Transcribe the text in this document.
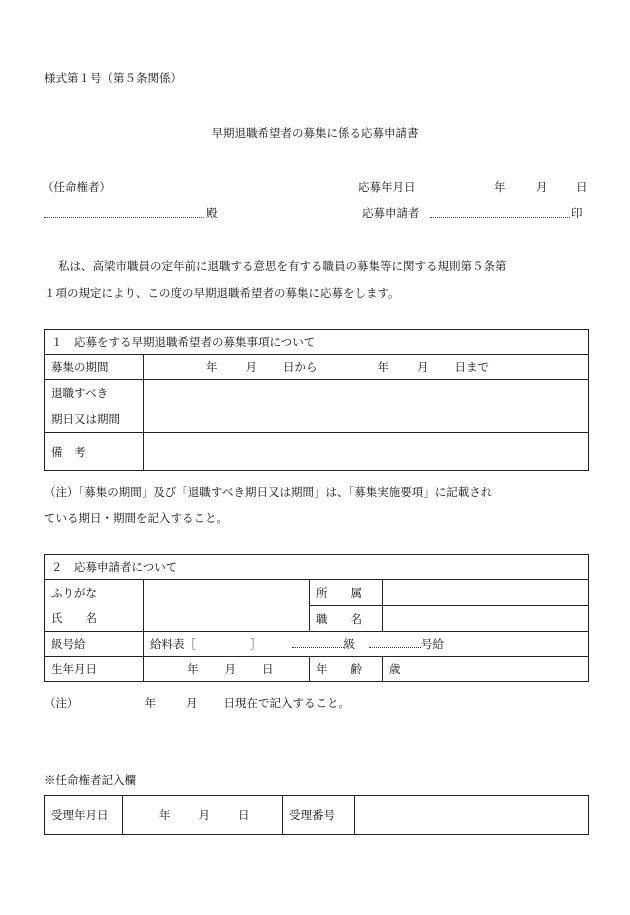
様式第１号（第５条関係）
早期退職希望者の募集に係る応募申請書
（任命権者）	応募年月日	年	月 日
殿	応募申請者	印
私は、高梁市職員の定年前に退職する意思を有する職員の募集等に関する規則第５条第
１項の規定により、この度の早期退職希望者の募集に応募をします。
１　応募をする早期退職希望者の募集事項について	
募集の期間	年 月 日から 年 月 日まで

退職すべき
期日又は期間	

備　考	
（注）「募集の期間」及び「退職すべき期日又は期間」は、「募集実施要項」に記載され
ている期日・期間を記入すること。
２　応募申請者について			
ふりがな		所　　属	
氏　　名		職　　名	
級号給	給料表［ ］ 級 号給		
生年月日	年 月 日	年　　齢	歳
（注）	年	月 日現在で記入すること。
※任命権者記入欄
受理年月日	年 月 日	受理番号	
